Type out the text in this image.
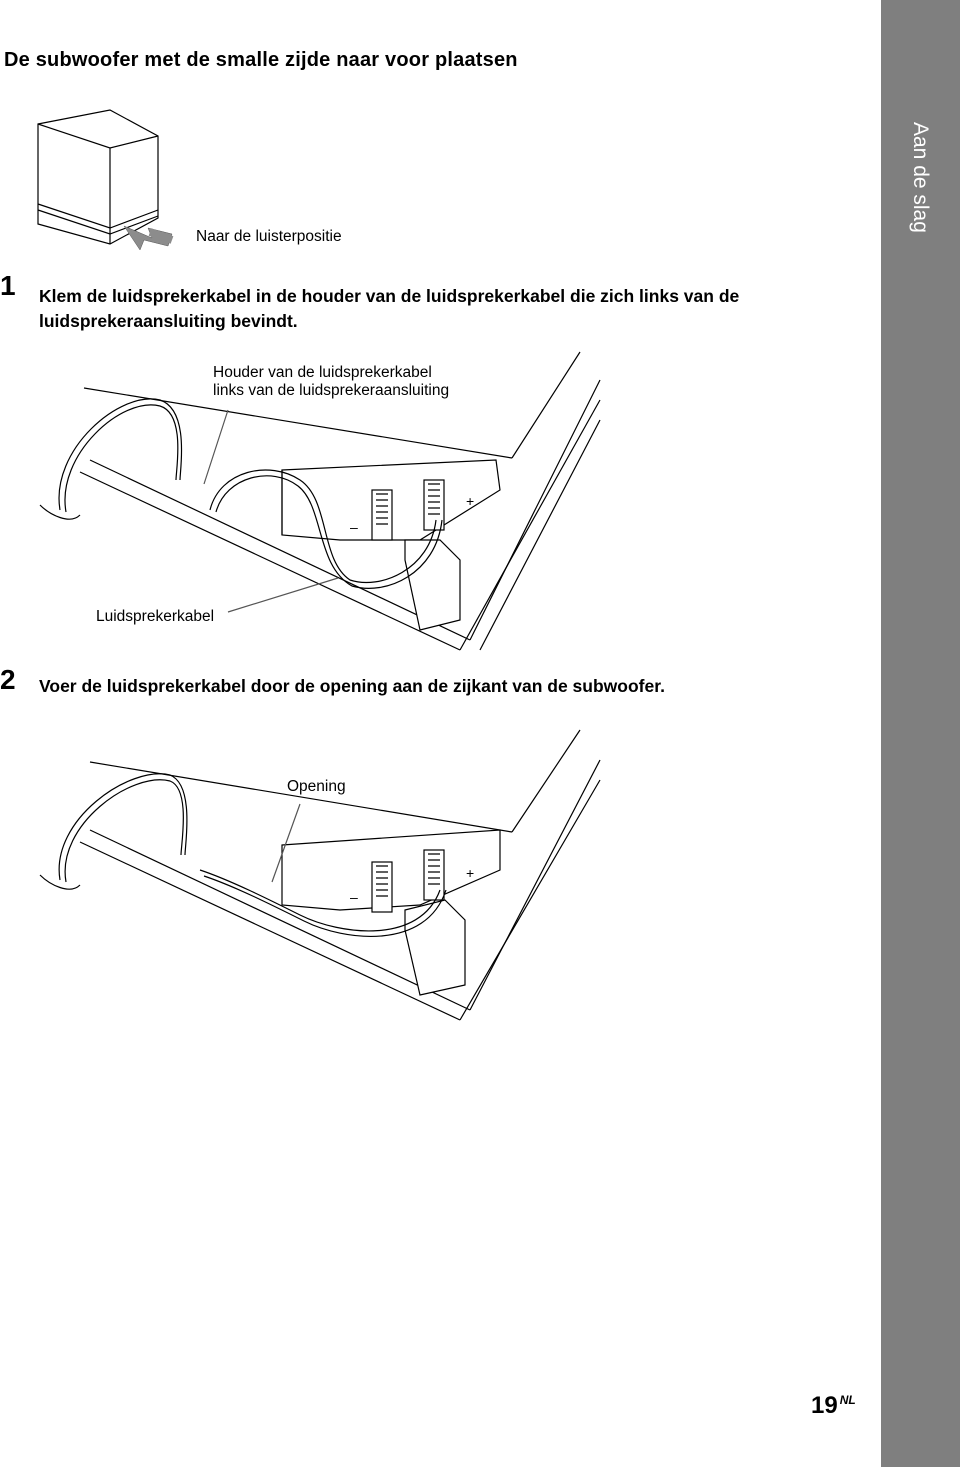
Aan de slag
De subwoofer met de smalle zijde naar voor plaatsen
Naar de luisterpositie
1 Klem de luidsprekerkabel in de houder van de luidsprekerkabel die zich links van de luidsprekeraansluiting bevindt.
–
+
Houder van de luidsprekerkabel
links van de luidsprekeraansluiting
Luidsprekerkabel
2 Voer de luidsprekerkabel door de opening aan de zijkant van de subwoofer.
–
+
Opening
19 $^{NL}$
